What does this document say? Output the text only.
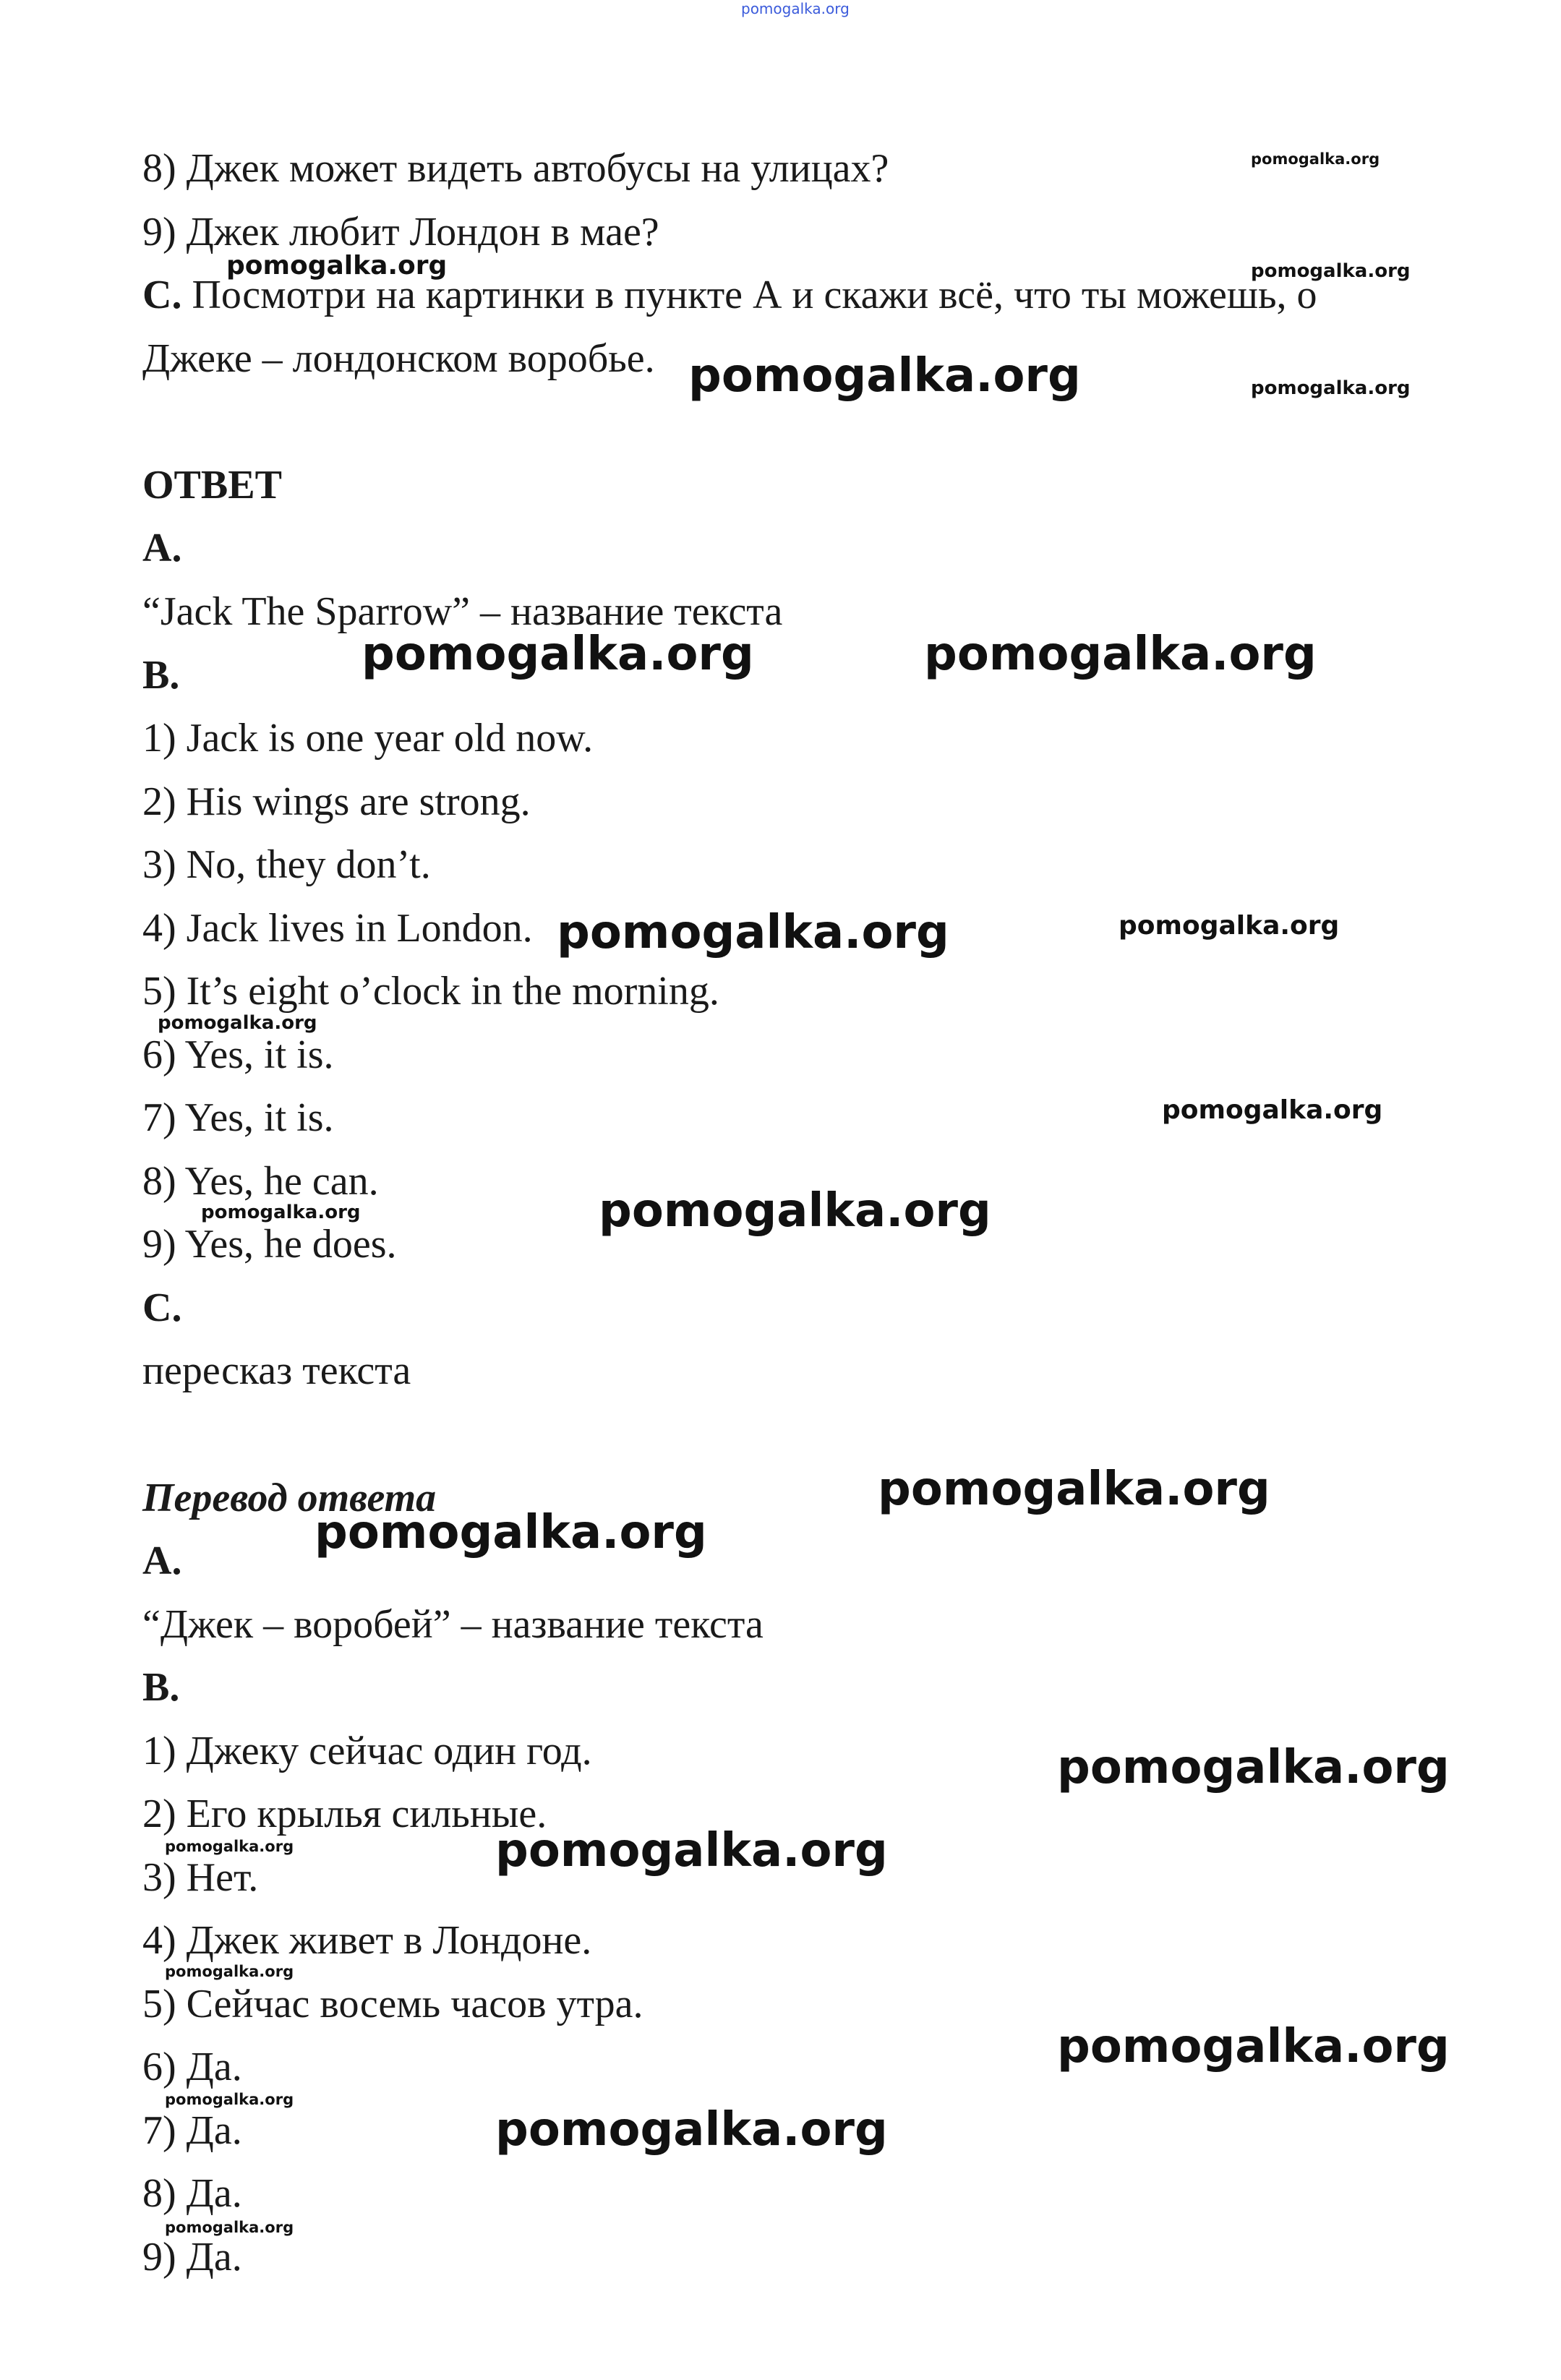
pomogalka.org

8) Джек может видеть автобусы на улицах?

9) Джек любит Лондон в мае?

C. Посмотри на картинки в пункте А и скажи всё, что ты можешь, о

Джеке – лондонском воробье.

ОТВЕТ

A.

“Jack The Sparrow” – название текста

B.

1) Jack is one year old now.

2) His wings are strong.

3) No, they don’t.

4) Jack lives in London.

5) It’s eight o’clock in the morning.

6) Yes, it is.

7) Yes, it is.

8) Yes, he can.

9) Yes, he does.

C.

пересказ текста

Перевод ответа

A.

“Джек – воробей” – название текста

B.

1) Джеку сейчас один год.

2) Его крылья сильные.

3) Нет.

4) Джек живет в Лондоне.

5) Сейчас восемь часов утра.

6) Да.

7) Да.

8) Да.

9) Да.

pomogalka.org

pomogalka.org	pomogalka.org

pomogalka.org	pomogalka.org

pomogalka.org	pomogalka.org

pomogalka.org	pomogalka.org

pomogalka.org

pomogalka.org

pomogalka.org

pomogalka.org

pomogalka.org

pomogalka.org

pomogalka.org

pomogalka.org	pomogalka.org

pomogalka.org

pomogalka.org

pomogalka.org

pomogalka.org

pomogalka.org
